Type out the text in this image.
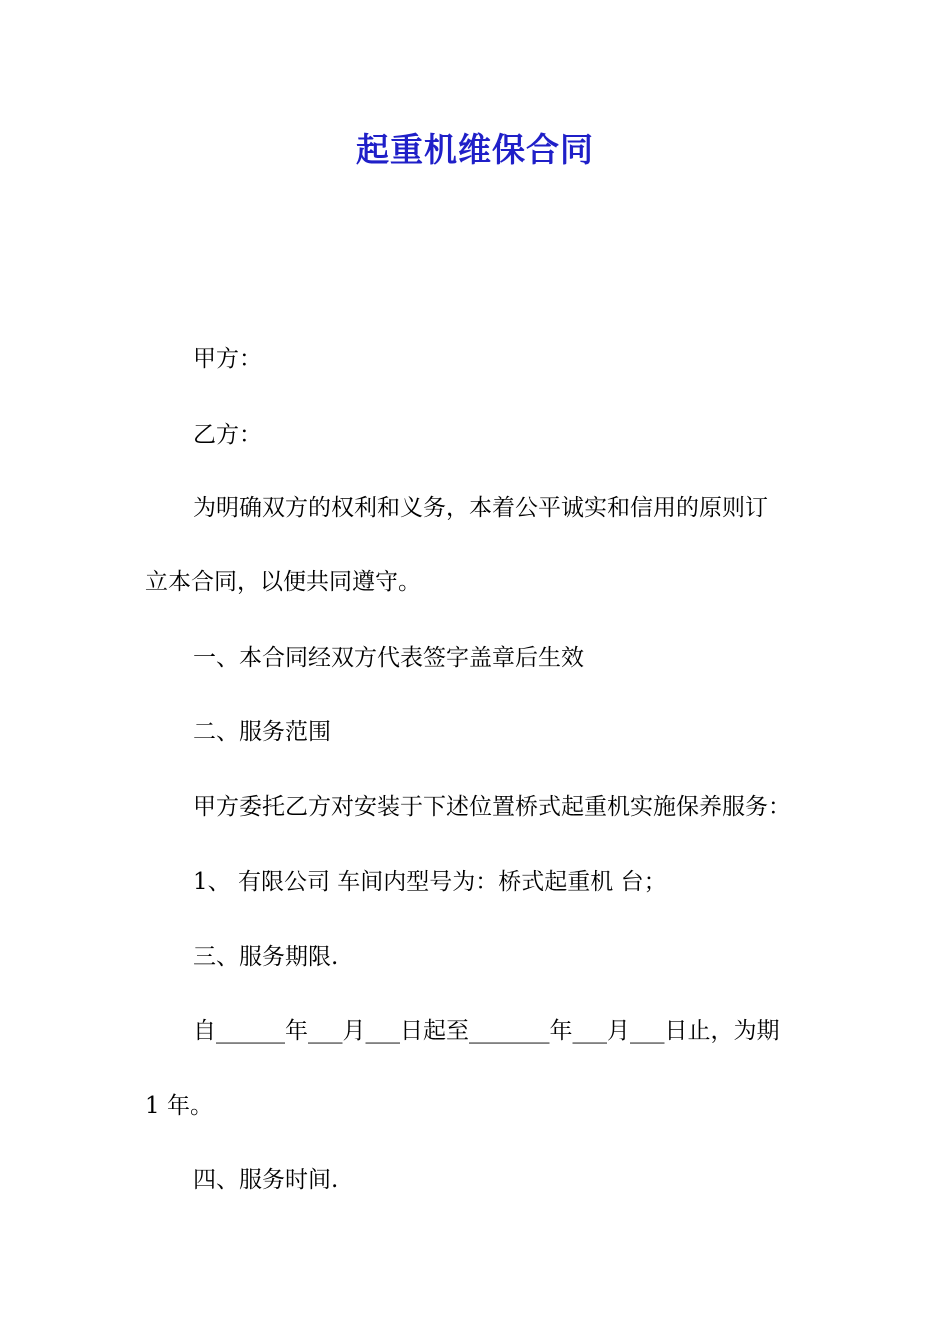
起重机维保合同
甲方：
乙方：
为明确双方的权利和义务，本着公平诚实和信用的原则订
立本合同，以便共同遵守。
一、本合同经双方代表签字盖章后生效
二、服务范围
甲方委托乙方对安装于下述位置桥式起重机实施保养服务：
1、 有限公司 车间内型号为：桥式起重机 台；
三、服务期限.
自______年___月___日起至_______年___月___日止，为期
1 年。
四、服务时间.
